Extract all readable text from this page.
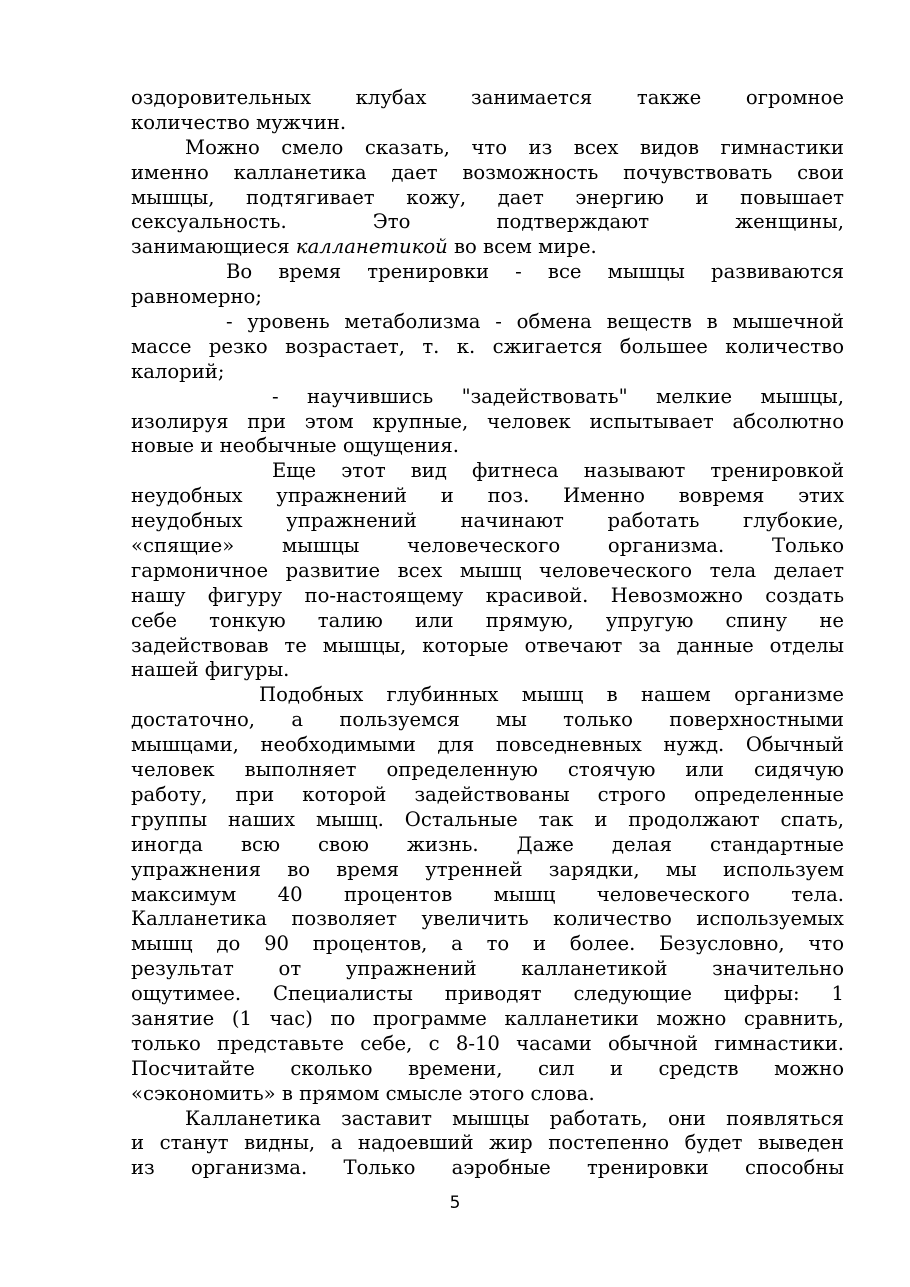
оздоровительных клубах занимается также огромное
количество мужчин.
Можно смело сказать, что из всех видов гимнастики
именно калланетика дает возможность почувствовать свои
мышцы, подтягивает кожу, дает энергию и повышает
сексуальность. Это подтверждают женщины,
занимающиеся калланетикой во всем мире.
Во время тренировки - все мышцы развиваются
равномерно;
- уровень метаболизма - обмена веществ в мышечной
массе резко возрастает, т. к. сжигается большее количество
калорий;
- научившись "задействовать" мелкие мышцы,
изолируя при этом крупные, человек испытывает абсолютно
новые и необычные ощущения.
Еще этот вид фитнеса называют тренировкой
неудобных упражнений и поз. Именно вовремя этих
неудобных упражнений начинают работать глубокие,
«спящие» мышцы человеческого организма. Только
гармоничное развитие всех мышц человеческого тела делает
нашу фигуру по-настоящему красивой. Невозможно создать
себе тонкую талию или прямую, упругую спину не
задействовав те мышцы, которые отвечают за данные отделы
нашей фигуры.
Подобных глубинных мышц в нашем организме
достаточно, а пользуемся мы только поверхностными
мышцами, необходимыми для повседневных нужд. Обычный
человек выполняет определенную стоячую или сидячую
работу, при которой задействованы строго определенные
группы наших мышц. Остальные так и продолжают спать,
иногда всю свою жизнь. Даже делая стандартные
упражнения во время утренней зарядки, мы используем
максимум 40 процентов мышц человеческого тела.
Калланетика позволяет увеличить количество используемых
мышц до 90 процентов, а то и более. Безусловно, что
результат от упражнений калланетикой значительно
ощутимее. Специалисты приводят следующие цифры: 1
занятие (1 час) по программе калланетики можно сравнить,
только представьте себе, с 8-10 часами обычной гимнастики.
Посчитайте сколько времени, сил и средств можно
«сэкономить» в прямом смысле этого слова.
Калланетика заставит мышцы работать, они появляться
и станут видны, а надоевший жир постепенно будет выведен
из организма. Только аэробные тренировки способны
5
